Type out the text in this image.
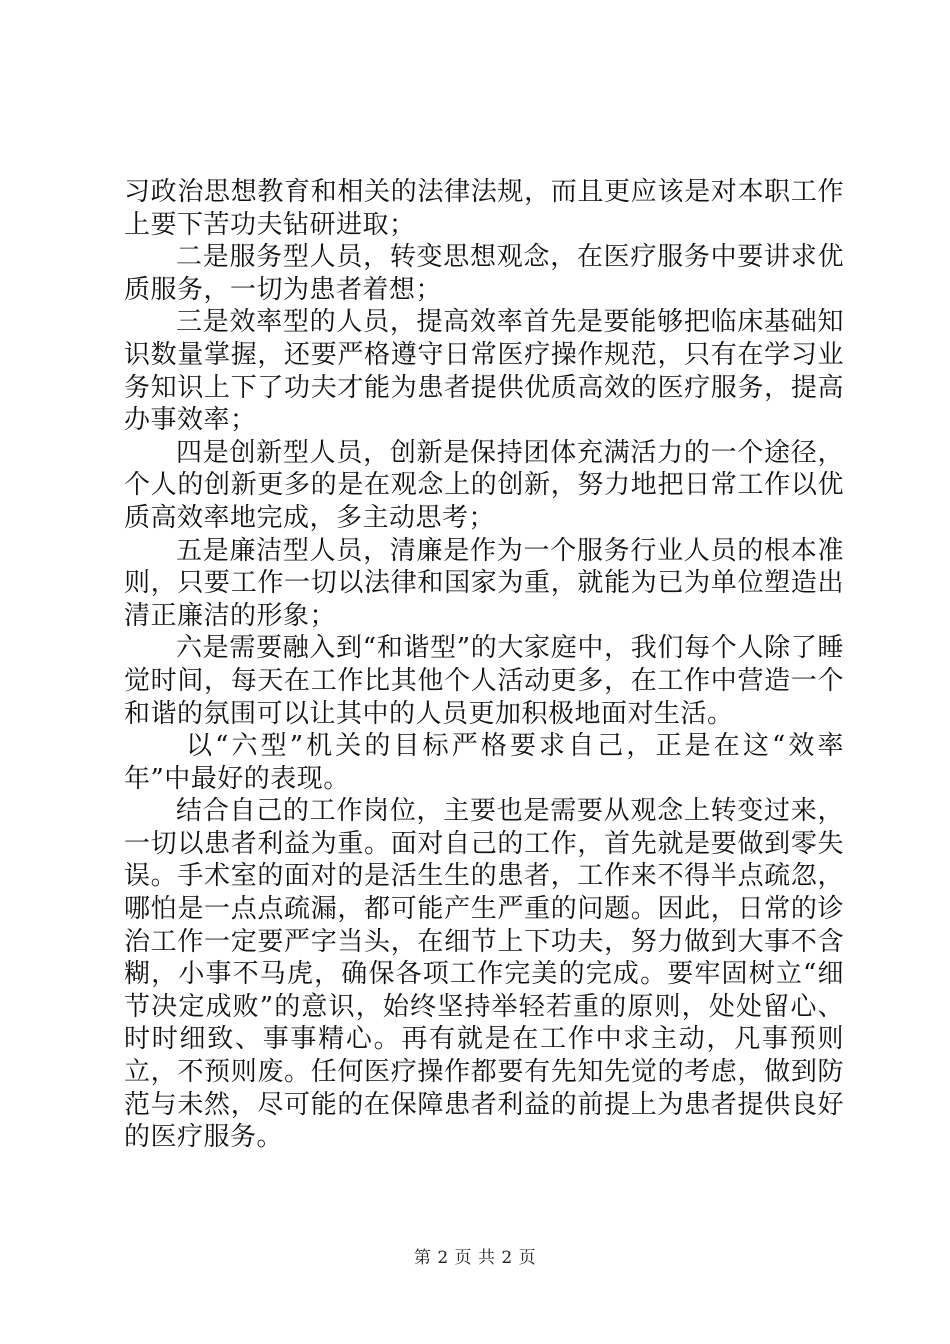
习政治思想教育和相关的法律法规，而且更应该是对本职工作上要下苦功夫钻研进取；

二是服务型人员，转变思想观念，在医疗服务中要讲求优质服务，一切为患者着想；

三是效率型的人员，提高效率首先是要能够把临床基础知识数量掌握，还要严格遵守日常医疗操作规范，只有在学习业务知识上下了功夫才能为患者提供优质高效的医疗服务，提高办事效率；

四是创新型人员，创新是保持团体充满活力的一个途径，个人的创新更多的是在观念上的创新，努力地把日常工作以优质高效率地完成，多主动思考；

五是廉洁型人员，清廉是作为一个服务行业人员的根本准则，只要工作一切以法律和国家为重，就能为已为单位塑造出清正廉洁的形象；

六是需要融入到“和谐型”的大家庭中，我们每个人除了睡觉时间，每天在工作比其他个人活动更多，在工作中营造一个和谐的氛围可以让其中的人员更加积极地面对生活。

以“六型”机关的目标严格要求自己，正是在这“效率年”中最好的表现。

结合自己的工作岗位，主要也是需要从观念上转变过来，一切以患者利益为重。面对自己的工作，首先就是要做到零失误。手术室的面对的是活生生的患者，工作来不得半点疏忽，哪怕是一点点疏漏，都可能产生严重的问题。因此，日常的诊治工作一定要严字当头，在细节上下功夫，努力做到大事不含糊，小事不马虎，确保各项工作完美的完成。要牢固树立“细节决定成败”的意识，始终坚持举轻若重的原则，处处留心、时时细致、事事精心。再有就是在工作中求主动，凡事预则立，不预则废。任何医疗操作都要有先知先觉的考虑，做到防范与未然，尽可能的在保障患者利益的前提上为患者提供良好的医疗服务。

第 2 页 共 2 页
